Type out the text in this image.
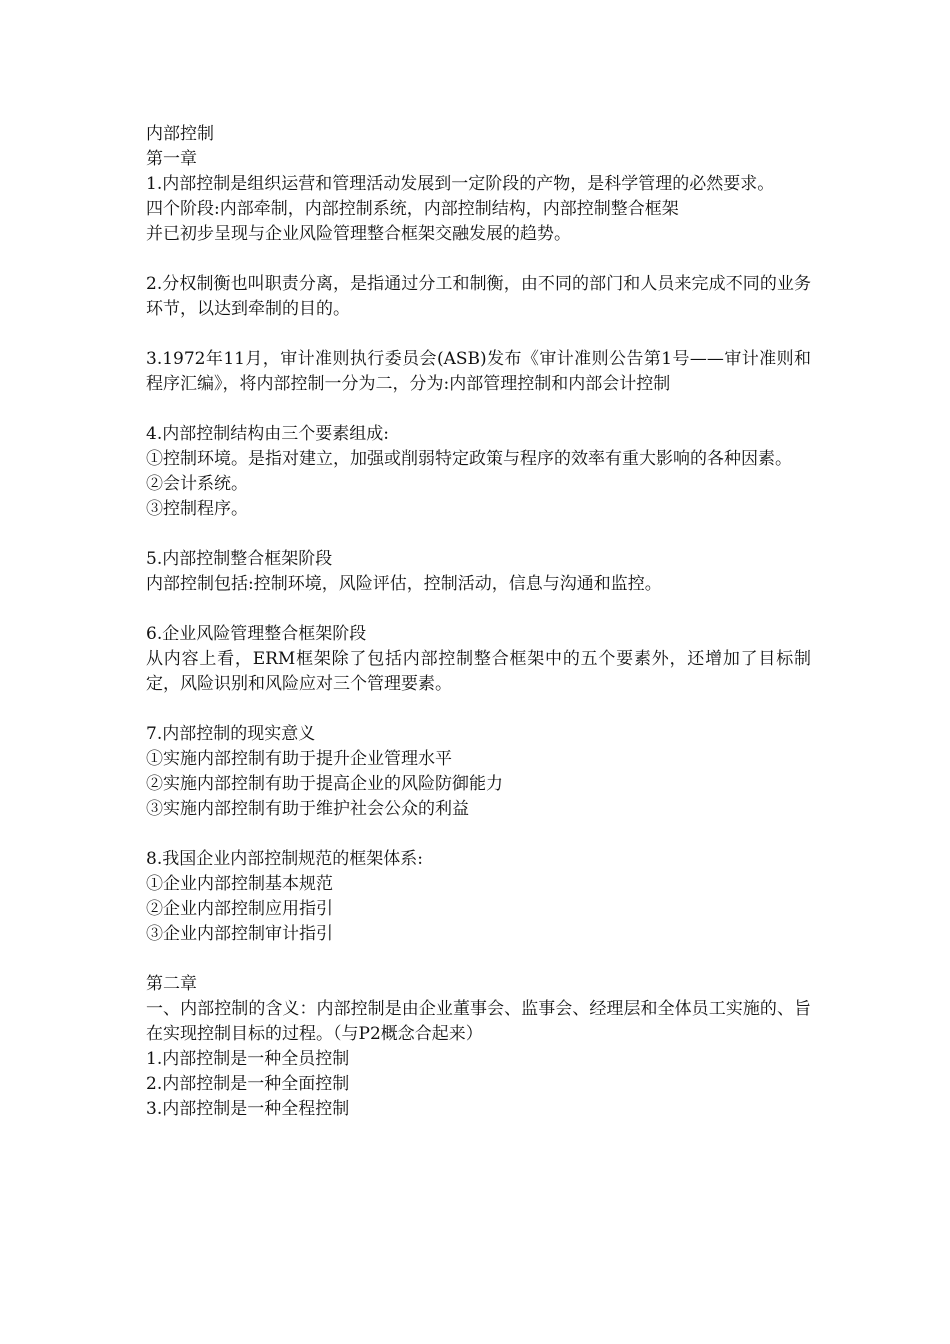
内部控制
第一章
1.内部控制是组织运营和管理活动发展到一定阶段的产物，是科学管理的必然要求。
四个阶段:内部牵制，内部控制系统，内部控制结构，内部控制整合框架
并已初步呈现与企业风险管理整合框架交融发展的趋势。
2.分权制衡也叫职责分离，是指通过分工和制衡，由不同的部门和人员来完成不同的业务环节，以达到牵制的目的。
3.1972年11月，审计准则执行委员会(ASB)发布《审计准则公告第1号——审计准则和程序汇编》，将内部控制一分为二，分为:内部管理控制和内部会计控制
4.内部控制结构由三个要素组成:
①控制环境。是指对建立，加强或削弱特定政策与程序的效率有重大影响的各种因素。
②会计系统。
③控制程序。
5.内部控制整合框架阶段
内部控制包括:控制环境，风险评估，控制活动，信息与沟通和监控。
6.企业风险管理整合框架阶段
从内容上看，ERM框架除了包括内部控制整合框架中的五个要素外，还增加了目标制定，风险识别和风险应对三个管理要素。
7.内部控制的现实意义
①实施内部控制有助于提升企业管理水平
②实施内部控制有助于提高企业的风险防御能力
③实施内部控制有助于维护社会公众的利益
8.我国企业内部控制规范的框架体系:
①企业内部控制基本规范
②企业内部控制应用指引
③企业内部控制审计指引
第二章
一、内部控制的含义：内部控制是由企业董事会、监事会、经理层和全体员工实施的、旨在实现控制目标的过程。（与P2概念合起来）
1.内部控制是一种全员控制
2.内部控制是一种全面控制
3.内部控制是一种全程控制
